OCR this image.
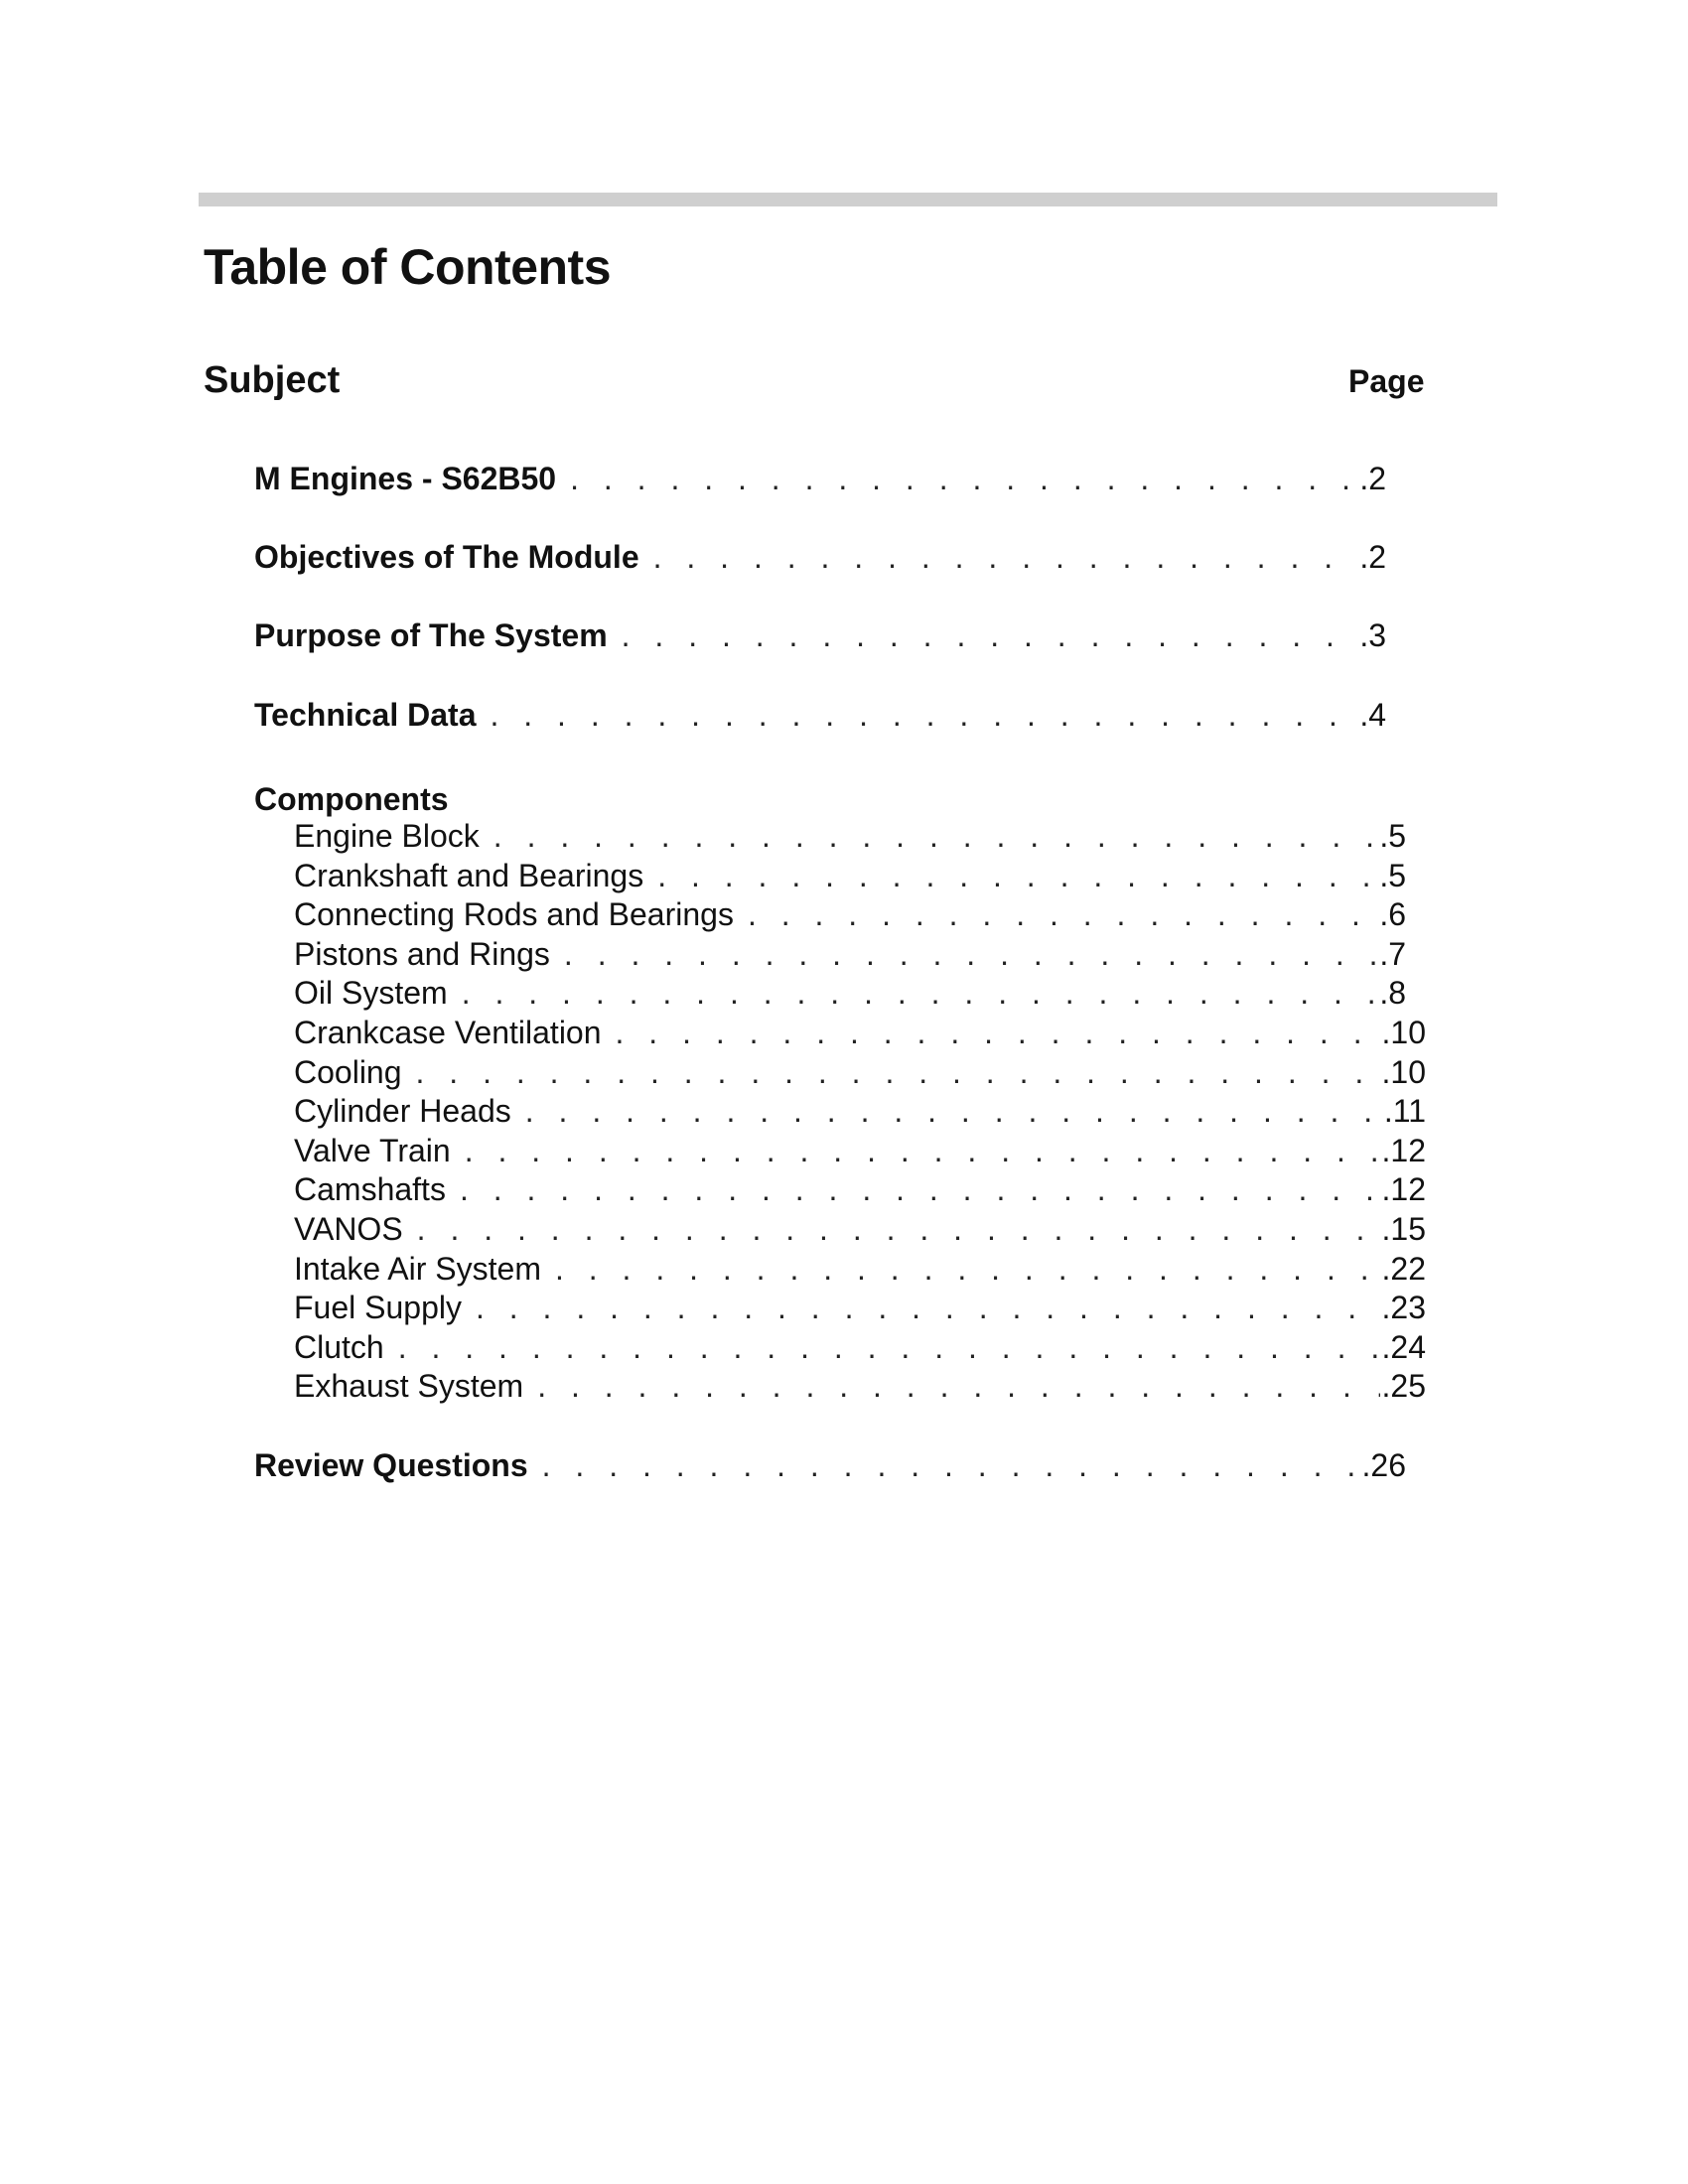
Table of Contents
Subject	Page
M Engines - S62B50 . . .	.2
Objectives of The Module . . .	.2
Purpose of The System . . .	.3
Technical Data . . .	.4
Components
Engine Block . . .	.5
Crankshaft and Bearings . . .	.5
Connecting Rods and Bearings . . .	.6
Pistons and Rings . . .	.7
Oil System . . .	.8
Crankcase Ventilation . . .	.10
Cooling . . .	.10
Cylinder Heads . . .	.11
Valve Train . . .	.12
Camshafts . . .	.12
VANOS . . .	.15
Intake Air System . . .	.22
Fuel Supply . . .	.23
Clutch . . .	.24
Exhaust System . . .	.25
Review Questions . . .	.26
